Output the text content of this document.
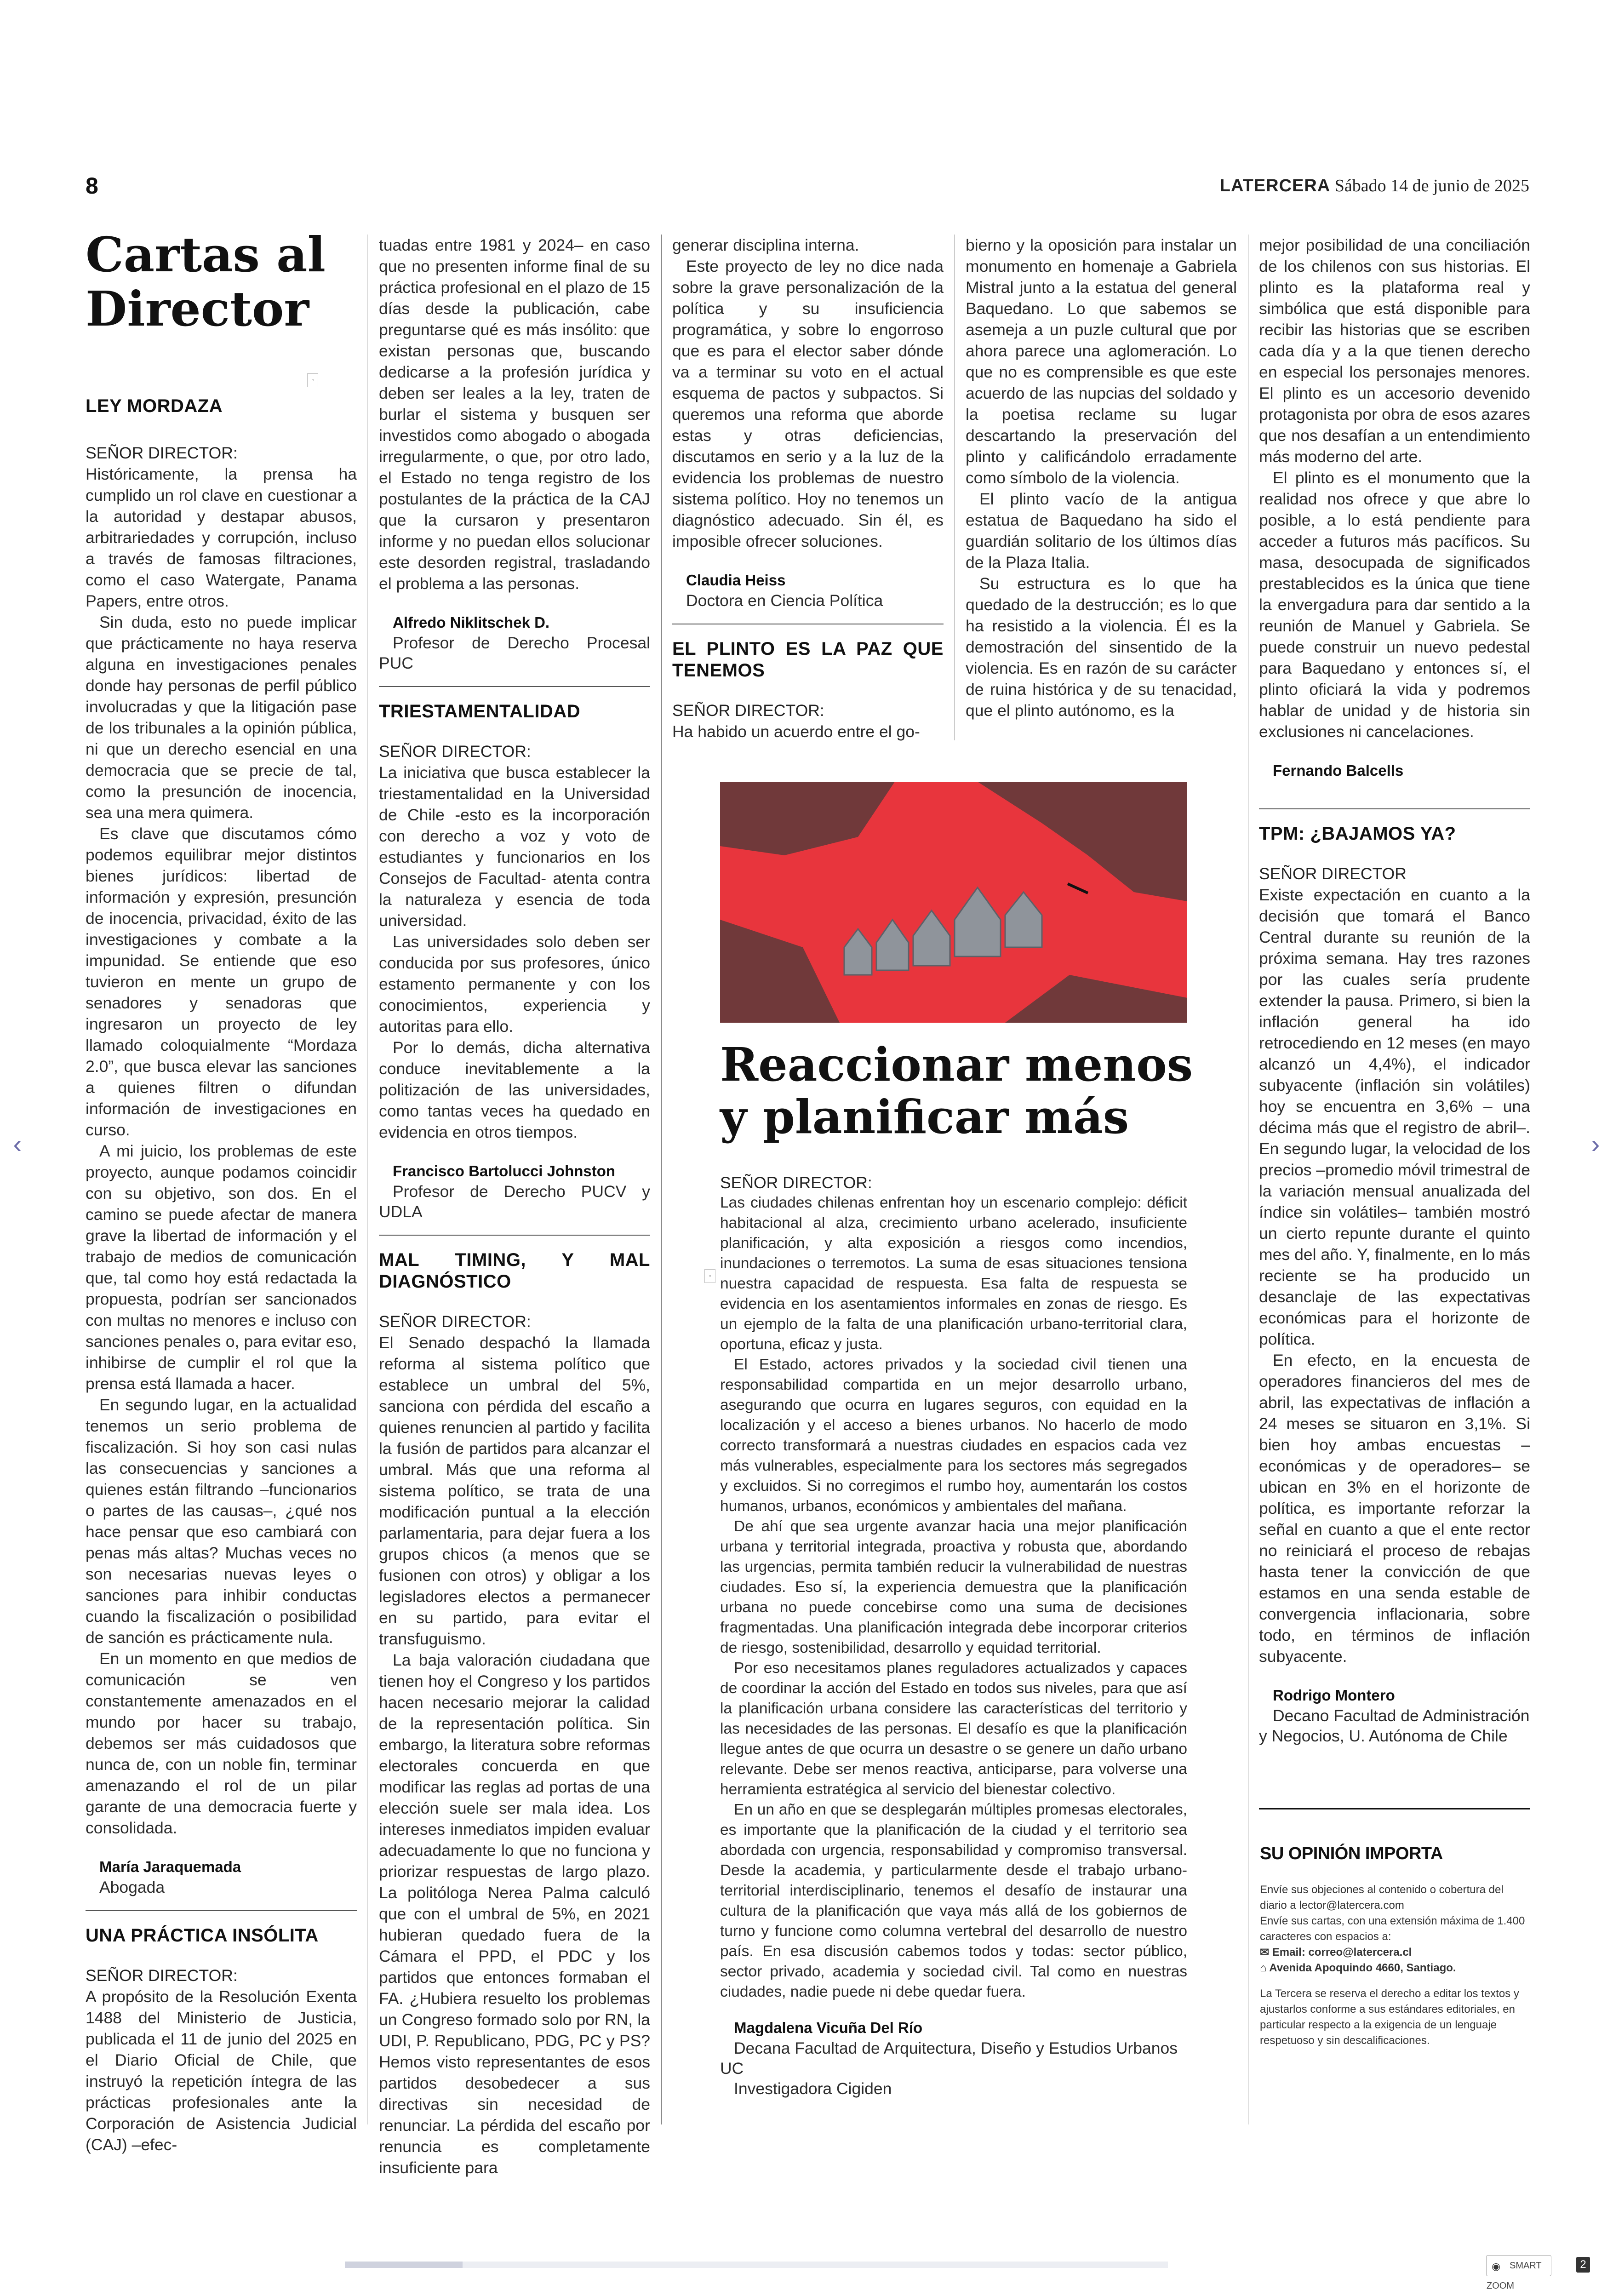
8	LATERCERA Sábado 14 de junio de 2025
Cartas al Director
▫

LEY MORDAZA

SEÑOR DIRECTOR:

Históricamente, la prensa ha cumplido un rol clave en cuestionar a la autoridad y destapar abusos, arbitrariedades y corrupción, incluso a través de famosas filtraciones, como el caso Watergate, Panama Papers, entre otros.

Sin duda, esto no puede implicar que prácticamente no haya reserva alguna en investigaciones penales donde hay personas de perfil público involucradas y que la litigación pase de los tribunales a la opinión pública, ni que un derecho esencial en una democracia que se precie de tal, como la presunción de inocencia, sea una mera quimera.

Es clave que discutamos cómo podemos equilibrar mejor distintos bienes jurídicos: libertad de información y expresión, presunción de inocencia, privacidad, éxito de las investigaciones y combate a la impunidad. Se entiende que eso tuvieron en mente un grupo de senadores y senadoras que ingresaron un proyecto de ley llamado coloquialmente “Mordaza 2.0”, que busca elevar las sanciones a quienes filtren o difundan información de investigaciones en curso.

A mi juicio, los problemas de este proyecto, aunque podamos coincidir con su objetivo, son dos. En el camino se puede afectar de manera grave la libertad de información y el trabajo de medios de comunicación que, tal como hoy está redactada la propuesta, podrían ser sancionados con multas no menores e incluso con sanciones penales o, para evitar eso, inhibirse de cumplir el rol que la prensa está llamada a hacer.

En segundo lugar, en la actualidad tenemos un serio problema de fiscalización. Si hoy son casi nulas las consecuencias y sanciones a quienes están filtrando –funcionarios o partes de las causas–, ¿qué nos hace pensar que eso cambiará con penas más altas? Muchas veces no son necesarias nuevas leyes o sanciones para inhibir conductas cuando la fiscalización o posibilidad de sanción es prácticamente nula.

En un momento en que medios de comunicación se ven constantemente amenazados en el mundo por hacer su trabajo, debemos ser más cuidadosos que nunca de, con un noble fin, terminar amenazando el rol de un pilar garante de una democracia fuerte y consolidada.

María Jaraquemada

Abogada

UNA PRÁCTICA INSÓLITA

SEÑOR DIRECTOR:

A propósito de la Resolución Exenta 1488 del Ministerio de Justicia, publicada el 11 de junio del 2025 en el Diario Oficial de Chile, que instruyó la repetición íntegra de las prácticas profesionales ante la Corporación de Asistencia Judicial (CAJ) –efec-

tuadas entre 1981 y 2024– en caso que no presenten informe final de su práctica profesional en el plazo de 15 días desde la publicación, cabe preguntarse qué es más insólito: que existan personas que, buscando dedicarse a la profesión jurídica y deben ser leales a la ley, traten de burlar el sistema y busquen ser investidos como abogado o abogada irregularmente, o que, por otro lado, el Estado no tenga registro de los postulantes de la práctica de la CAJ que la cursaron y presentaron informe y no puedan ellos solucionar este desorden registral, trasladando el problema a las personas.

Alfredo Niklitschek D.

Profesor de Derecho Procesal PUC

TRIESTAMENTALIDAD

SEÑOR DIRECTOR:

La iniciativa que busca establecer la triestamentalidad en la Universidad de Chile -esto es la incorporación con derecho a voz y voto de estudiantes y funcionarios en los Consejos de Facultad- atenta contra la naturaleza y esencia de toda universidad.

Las universidades solo deben ser conducida por sus profesores, único estamento permanente y con los conocimientos, experiencia y autoritas para ello.

Por lo demás, dicha alternativa conduce inevitablemente a la politización de las universidades, como tantas veces ha quedado en evidencia en otros tiempos.

Francisco Bartolucci Johnston

Profesor de Derecho PUCV y UDLA

MAL TIMING, Y MAL DIAGNÓSTICO

SEÑOR DIRECTOR:

El Senado despachó la llamada reforma al sistema político que establece un umbral del 5%, sanciona con pérdida del escaño a quienes renuncien al partido y facilita la fusión de partidos para alcanzar el umbral. Más que una reforma al sistema político, se trata de una modificación puntual a la elección parlamentaria, para dejar fuera a los grupos chicos (a menos que se fusionen con otros) y obligar a los legisladores electos a permanecer en su partido, para evitar el transfuguismo.

La baja valoración ciudadana que tienen hoy el Congreso y los partidos hacen necesario mejorar la calidad de la representación política. Sin embargo, la literatura sobre reformas electorales concuerda en que modificar las reglas ad portas de una elección suele ser mala idea. Los intereses inmediatos impiden evaluar adecuadamente lo que no funciona y priorizar respuestas de largo plazo. La politóloga Nerea Palma calculó que con el umbral de 5%, en 2021 hubieran quedado fuera de la Cámara el PPD, el PDC y los partidos que entonces formaban el FA. ¿Hubiera resuelto los problemas un Congreso formado solo por RN, la UDI, P. Republicano, PDG, PC y PS? Hemos visto representantes de esos partidos desobedecer a sus directivas sin necesidad de renunciar. La pérdida del escaño por renuncia es completamente insuficiente para

generar disciplina interna.

Este proyecto de ley no dice nada sobre la grave personalización de la política y su insuficiencia programática, y sobre lo engorroso que es para el elector saber dónde va a terminar su voto en el actual esquema de pactos y subpactos. Si queremos una reforma que aborde estas y otras deficiencias, discutamos en serio y a la luz de la evidencia los problemas de nuestro sistema político. Hoy no tenemos un diagnóstico adecuado. Sin él, es imposible ofrecer soluciones.

Claudia Heiss

Doctora en Ciencia Política

EL PLINTO ES LA PAZ QUE TENEMOS

SEÑOR DIRECTOR:

Ha habido un acuerdo entre el go-

bierno y la oposición para instalar un monumento en homenaje a Gabriela Mistral junto a la estatua del general Baquedano. Lo que sabemos se asemeja a un puzle cultural que por ahora parece una aglomeración. Lo que no es comprensible es que este acuerdo de las nupcias del soldado y la poetisa reclame su lugar descartando la preservación del plinto y calificándolo erradamente como símbolo de la violencia.

El plinto vacío de la antigua estatua de Baquedano ha sido el guardián solitario de los últimos días de la Plaza Italia.

Su estructura es lo que ha quedado de la destrucción; es lo que ha resistido a la violencia. Él es la demostración del sinsentido de la violencia. Es en razón de su carácter de ruina histórica y de su tenacidad, que el plinto autónomo, es la

mejor posibilidad de una conciliación de los chilenos con sus historias. El plinto es la plataforma real y simbólica que está disponible para recibir las historias que se escriben cada día y a la que tienen derecho en especial los personajes menores. El plinto es un accesorio devenido protagonista por obra de esos azares que nos desafían a un entendimiento más moderno del arte.

El plinto es el monumento que la realidad nos ofrece y que abre lo posible, a lo está pendiente para acceder a futuros más pacíficos. Su masa, desocupada de significados prestablecidos es la única que tiene la envergadura para dar sentido a la reunión de Manuel y Gabriela. Se puede construir un nuevo pedestal para Baquedano y entonces sí, el plinto oficiará la vida y podremos hablar de unidad y de historia sin exclusiones ni cancelaciones.

Fernando Balcells

TPM: ¿BAJAMOS YA?

SEÑOR DIRECTOR

Existe expectación en cuanto a la decisión que tomará el Banco Central durante su reunión de la próxima semana. Hay tres razones por las cuales sería prudente extender la pausa. Primero, si bien la inflación general ha ido retrocediendo en 12 meses (en mayo alcanzó un 4,4%), el indicador subyacente (inflación sin volátiles) hoy se encuentra en 3,6% – una décima más que el registro de abril–. En segundo lugar, la velocidad de los precios –promedio móvil trimestral de la variación mensual anualizada del índice sin volátiles– también mostró un cierto repunte durante el quinto mes del año. Y, finalmente, en lo más reciente se ha producido un desanclaje de las expectativas económicas para el horizonte de política.

En efecto, en la encuesta de operadores financieros del mes de abril, las expectativas de inflación a 24 meses se situaron en 3,1%. Si bien hoy ambas encuestas –económicas y de operadores– se ubican en 3% en el horizonte de política, es importante reforzar la señal en cuanto a que el ente rector no reiniciará el proceso de rebajas hasta tener la convicción de que estamos en una senda estable de convergencia inflacionaria, sobre todo, en términos de inflación subyacente.

Rodrigo Montero

Decano Facultad de Administración y Negocios, U. Autónoma de Chile

SU OPINIÓN IMPORTA
Envíe sus objeciones al contenido o cobertura del diario a lector@latercera.com
Envíe sus cartas, con una extensión máxima de 1.400 caracteres con espacios a:
✉ Email: correo@latercera.cl
⌂ Avenida Apoquindo 4660, Santiago.
La Tercera se reserva el derecho a editar los textos y ajustarlos conforme a sus estándares editoriales, en particular respecto a la exigencia de un lenguaje respetuoso y sin descalificaciones.
Reaccionar menos y planificar más
▫

SEÑOR DIRECTOR:

Las ciudades chilenas enfrentan hoy un escenario complejo: déficit habitacional al alza, crecimiento urbano acelerado, insuficiente planificación, y alta exposición a riesgos como incendios, inundaciones o terremotos. La suma de esas situaciones tensiona nuestra capacidad de respuesta. Esa falta de respuesta se evidencia en los asentamientos informales en zonas de riesgo. Es un ejemplo de la falta de una planificación urbano-territorial clara, oportuna, eficaz y justa.

El Estado, actores privados y la sociedad civil tienen una responsabilidad compartida en un mejor desarrollo urbano, asegurando que ocurra en lugares seguros, con equidad en la localización y el acceso a bienes urbanos. No hacerlo de modo correcto transformará a nuestras ciudades en espacios cada vez más vulnerables, especialmente para los sectores más segregados y excluidos. Si no corregimos el rumbo hoy, aumentarán los costos humanos, urbanos, económicos y ambientales del mañana.

De ahí que sea urgente avanzar hacia una mejor planificación urbana y territorial integrada, proactiva y robusta que, abordando las urgencias, permita también reducir la vulnerabilidad de nuestras ciudades. Eso sí, la experiencia demuestra que la planificación urbana no puede concebirse como una suma de decisiones fragmentadas. Una planificación integrada debe incorporar criterios de riesgo, sostenibilidad, desarrollo y equidad territorial.

Por eso necesitamos planes reguladores actualizados y capaces de coordinar la acción del Estado en todos sus niveles, para que así la planificación urbana considere las características del territorio y las necesidades de las personas. El desafío es que la planificación llegue antes de que ocurra un desastre o se genere un daño urbano relevante. Debe ser menos reactiva, anticiparse, para volverse una herramienta estratégica al servicio del bienestar colectivo.

En un año en que se desplegarán múltiples promesas electorales, es importante que la planificación de la ciudad y el territorio sea abordada con urgencia, responsabilidad y compromiso transversal. Desde la academia, y particularmente desde el trabajo urbano-territorial interdisciplinario, tenemos el desafío de instaurar una cultura de la planificación que vaya más allá de los gobiernos de turno y funcione como columna vertebral del desarrollo de nuestro país. En esa discusión cabemos todos y todas: sector público, sector privado, academia y sociedad civil. Tal como en nuestras ciudades, nadie puede ni debe quedar fuera.

Magdalena Vicuña Del Río

Decana Facultad de Arquitectura, Diseño y Estudios Urbanos UC

Investigadora Cigiden

‹	›
SMART ZOOM
◉	2
